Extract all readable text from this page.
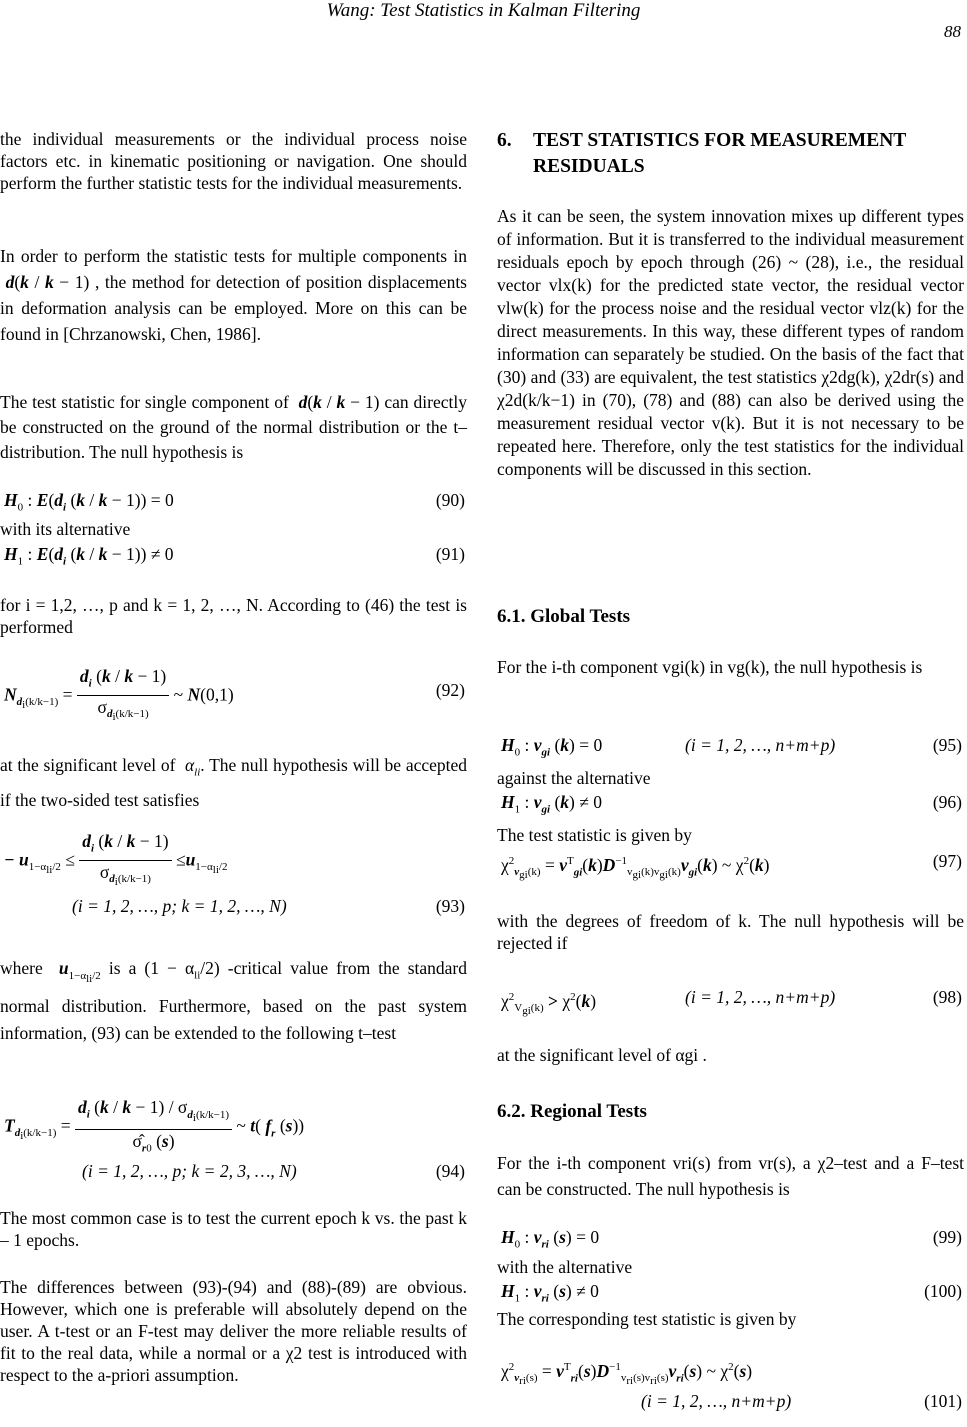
Wang: Test Statistics in Kalman Filtering
88

the individual measurements or the individual process noise factors etc. in kinematic positioning or navigation. One should perform the further statistic tests for the individual measurements.

In order to perform the statistic tests for multiple components in  d(k / k − 1) , the method for detection of position displacements in deformation analysis can be employed. More on this can be found in [Chrzanowski, Chen, 1986].

The test statistic for single component of  d(k / k − 1) can directly be constructed on the ground of the normal distribution or the t–distribution. The null hypothesis is

$H_0$ : $E(d_i$ (k / k − 1)) = 0	(90)

with its alternative

$H_1$ : $E(d_i$ (k / k − 1)) ≠ 0	(91)

for i = 1,2, …, p and k = 1, 2, …, N. According to (46) the test is performed

$N_{d_i(k/k-1)} = \frac{d_i (k / k - 1)}{\sigma_{d_i(k/k-1)}}$ ~ N(0,1)	(92)

at the significant level of  $\alpha_{li}$. The null hypothesis will be accepted if the two-sided test satisfies

− $u_{1-\alpha_{li}/2} \le \frac{d_i (k / k - 1)}{\sigma_{d_i(k/k-1)}} \le u_{1-\alpha_{li}/2}$
(i = 1, 2, …, p; k = 1, 2, …, N)	(93)

where  $u_{1-\alpha_{li}/2}$ is a $(1 - \alpha_{li}/2)$ -critical value from the standard normal distribution. Furthermore, based on the past system information, (93) can be extended to the following t–test

$T_{d_i(k/k-1)} = \frac{d_i (k / k - 1) / \sigma_{d_i(k/k-1)}}{\sigmâ_{r0} (s)}$ ~ t( $f_r$ (s))
(i = 1, 2, …, p; k = 2, 3, …, N)	(94)

The most common case is to test the current epoch k vs. the past k – 1 epochs.

The differences between (93)-(94) and (88)-(89) are obvious. However, which one is preferable will absolutely depend on the user. A t-test or an F-test may deliver the more reliable results of fit to the real data, while a normal or a χ2 test is introduced with respect to the a-priori assumption.

6.	TEST STATISTICS FOR MEASUREMENT RESIDUALS

As it can be seen, the system innovation mixes up different types of information. But it is transferred to the individual measurement residuals epoch by epoch through (26) ~ (28), i.e., the residual vector vlx(k) for the predicted state vector, the residual vector vlw(k) for the process noise and the residual vector vlz(k) for the direct measurements. In this way, these different types of random information can separately be studied. On the basis of the fact that (30) and (33) are equivalent, the test statistics χ2dg(k), χ2dr(s) and χ2d(k/k−1) in (70), (78) and (88) can also be derived using the measurement residual vector v(k). But it is not necessary to be repeated here. Therefore, only the test statistics for the individual components will be discussed in this section.

6.1. Global Tests

For the i-th component vgi(k) in vg(k), the null hypothesis is

$H_0$ : $v_{gi}$ (k) = 0	(i = 1, 2, …, n+m+p)	(95)

against the alternative

$H_1$ : $v_{gi}$ (k) ≠ 0	(96)

The test statistic is given by

$\chi^2_{v_{gi}(k)} = v^T_{gi}(k)D^{-1}_{v_{gi}(k)v_{gi}(k)}v_{gi}(k)$ ~ $\chi^2(k)$	(97)

with the degrees of freedom of k. The null hypothesis will be rejected if

$\chi^2_{V_{gi}(k)} > \chi^2(k)$	(i = 1, 2, …, n+m+p)	(98)

at the significant level of αgi .

6.2. Regional Tests

For the i-th component vri(s) from vr(s), a χ2–test and a F–test can be constructed. The null hypothesis is

$H_0$ : $v_{ri}$ (s) = 0	(99)

with the alternative

$H_1$ : $v_{ri}$ (s) ≠ 0	(100)

The corresponding test statistic is given by

$\chi^2_{v_{ri}(s)} = v^T_{ri}(s)D^{-1}_{v_{ri}(s)v_{ri}(s)}v_{ri}(s)$ ~ $\chi^2(s)$
(i = 1, 2, …, n+m+p)	(101)
